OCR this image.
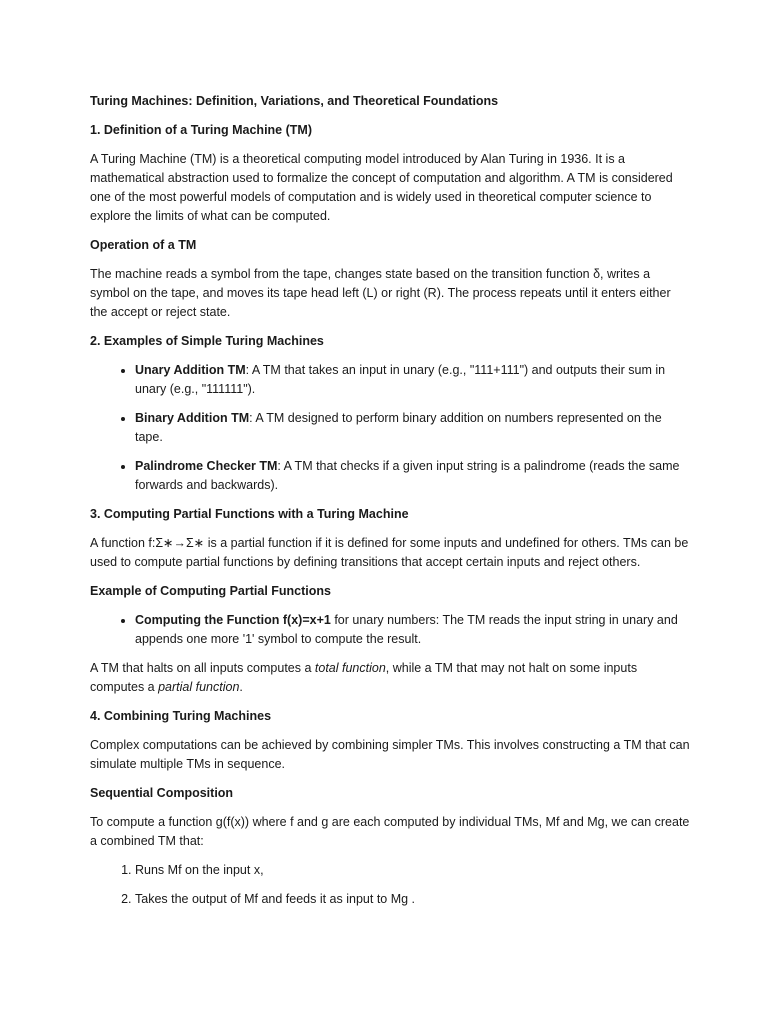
Turing Machines: Definition, Variations, and Theoretical Foundations
1. Definition of a Turing Machine (TM)

A Turing Machine (TM) is a theoretical computing model introduced by Alan Turing in 1936. It is a mathematical abstraction used to formalize the concept of computation and algorithm. A TM is considered one of the most powerful models of computation and is widely used in theoretical computer science to explore the limits of what can be computed.

Operation of a TM

The machine reads a symbol from the tape, changes state based on the transition function δ, writes a symbol on the tape, and moves its tape head left (L) or right (R). The process repeats until it enters either the accept or reject state.

2. Examples of Simple Turing Machines
• Unary Addition TM: A TM that takes an input in unary (e.g., "111+111") and outputs their sum in unary (e.g., "111111").
• Binary Addition TM: A TM designed to perform binary addition on numbers represented on the tape.
• Palindrome Checker TM: A TM that checks if a given input string is a palindrome (reads the same forwards and backwards).
3. Computing Partial Functions with a Turing Machine

A function f:Σ∗→Σ∗ is a partial function if it is defined for some inputs and undefined for others. TMs can be used to compute partial functions by defining transitions that accept certain inputs and reject others.

Example of Computing Partial Functions
• Computing the Function f(x)=x+1 for unary numbers: The TM reads the input string in unary and appends one more '1' symbol to compute the result.

A TM that halts on all inputs computes a total function, while a TM that may not halt on some inputs computes a partial function.

4. Combining Turing Machines

Complex computations can be achieved by combining simpler TMs. This involves constructing a TM that can simulate multiple TMs in sequence.

Sequential Composition

To compute a function g(f(x)) where f and g are each computed by individual TMs, Mf and Mg, we can create a combined TM that:

1. Runs Mf on the input x,
2. Takes the output of Mf and feeds it as input to Mg .
